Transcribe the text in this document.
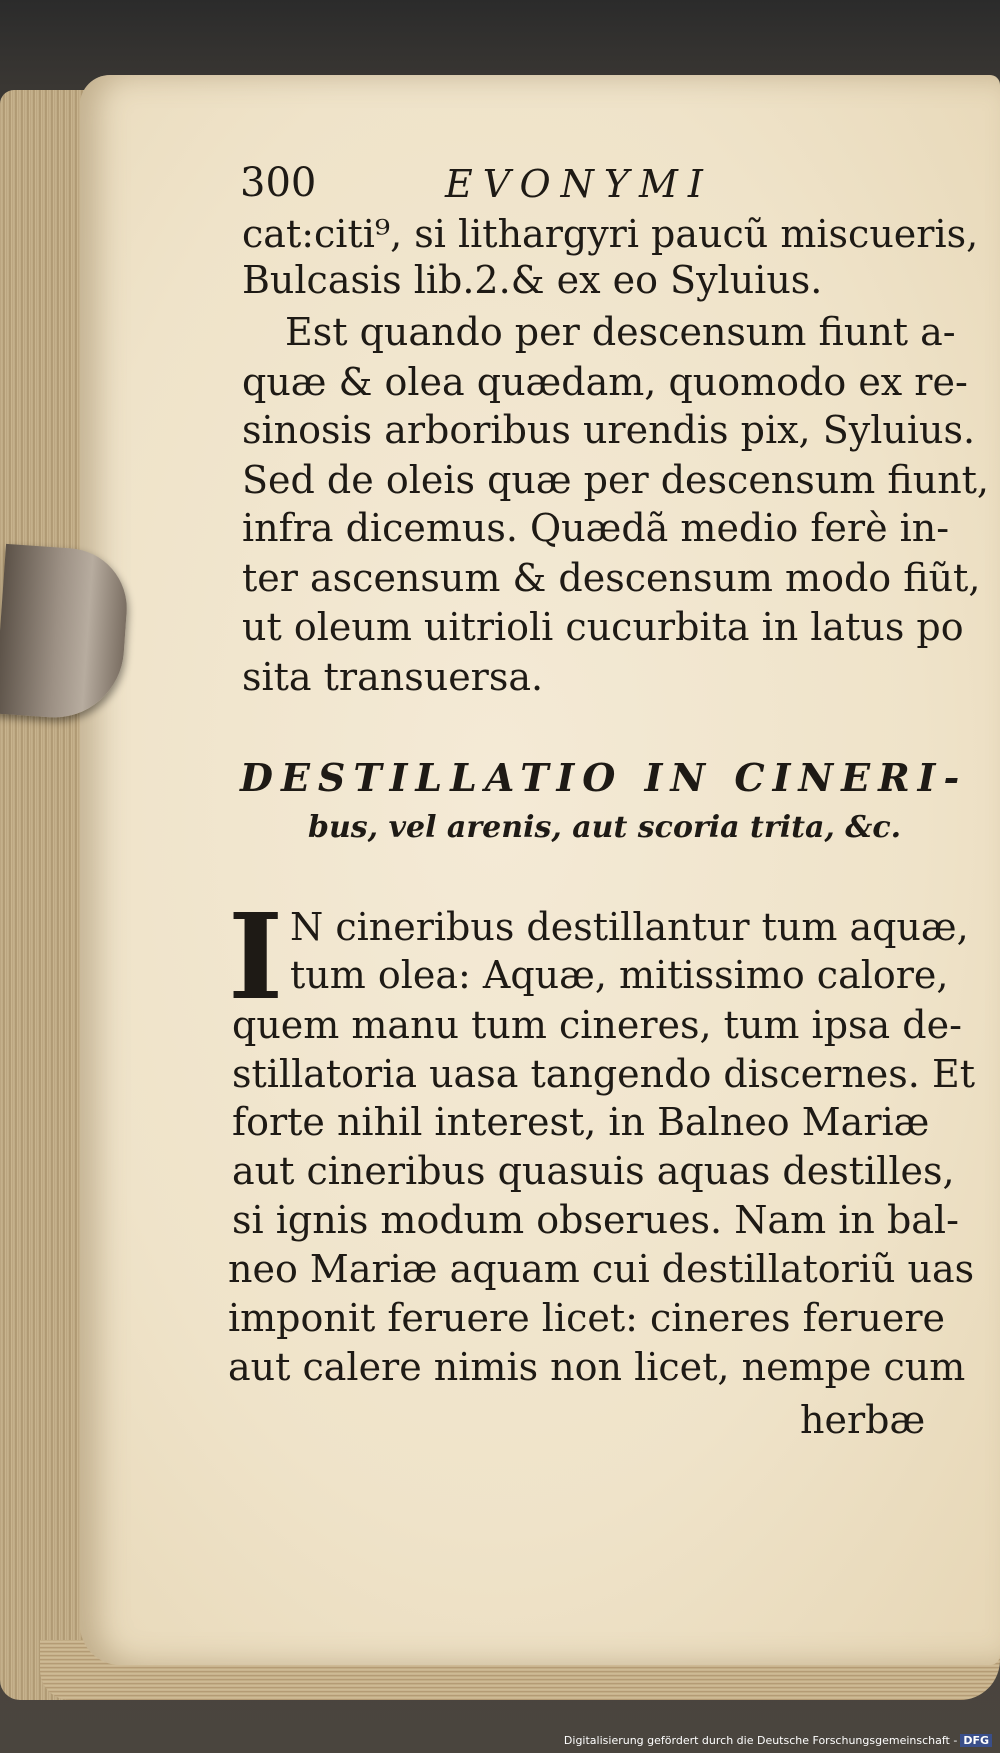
300	EVONYMI
cat:citi⁹, si lithargyri paucũ miscueris,
Bulcasis lib.2.& ex eo Syluius.
Est quando per descensum fiunt a-
quæ & olea quædam, quomodo ex re-
sinosis arboribus urendis pix, Syluius.
Sed de oleis quæ per descensum fiunt,
infra dicemus. Quædã medio ferè in-
ter ascensum & descensum modo fiũt,
ut oleum uitrioli cucurbita in latus po
sita transuersa.
DESTILLATIO IN CINERI-
bus, vel arenis, aut scoria trita, &c.
I N cineribus destillantur tum aquæ,
tum olea: Aquæ, mitissimo calore,
quem manu tum cineres, tum ipsa de-
stillatoria uasa tangendo discernes. Et
forte nihil interest, in Balneo Mariæ
aut cineribus quasuis aquas destilles,
si ignis modum obserues. Nam in bal-
neo Mariæ aquam cui destillatoriũ uas
imponit feruere licet: cineres feruere
aut calere nimis non licet, nempe cum
herbæ
Digitalisierung gefördert durch die Deutsche Forschungsgemeinschaft - DFG
